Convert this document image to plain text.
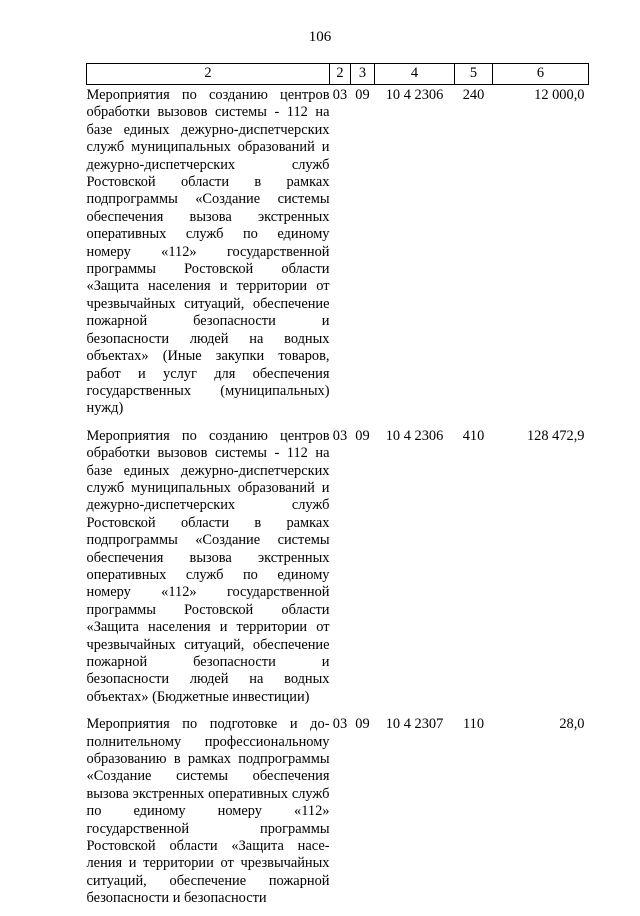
106
2	2	3	4	5	6
Мероприятия по созданию центров обработки вызовов системы - 112 на базе единых дежурно-диспетчерских служб муниципальных образований и дежурно-диспетчерских служб Ростовской области в рамках подпрограммы «Создание системы обеспечения вызова экстренных оперативных служб по единому номеру «112» государственной программы Ростовской области «Защита населения и территории от чрезвычайных ситуаций, обеспечение пожарной безопасности и безопасности людей на водных объектах» (Иные закупки товаров, работ и услуг для обеспечения государственных (муниципальных) нужд)	03	09	10 4 2306	240	12 000,0
Мероприятия по созданию центров обработки вызовов системы - 112 на базе единых дежурно-диспетчерских служб муниципальных образований и дежурно-диспетчерских служб Ростовской области в рамках подпрограммы «Создание системы обеспечения вызова экстренных оперативных служб по единому номеру «112» государственной программы Ростовской области «Защита населения и территории от чрезвычайных ситуаций, обеспечение пожарной безопасности и безопасности людей на водных объектах» (Бюджетные инвестиции)	03	09	10 4 2306	410	128 472,9
Мероприятия по подготовке и дополнительному профессиональному образованию в рамках подпрограммы «Создание системы обеспечения вызова экстренных оперативных служб по единому номеру «112» государственной программы Ростовской области «Защита населения и территории от чрезвычайных ситуаций, обеспечение пожарной безопасности и безопасности	03	09	10 4 2307	110	28,0
